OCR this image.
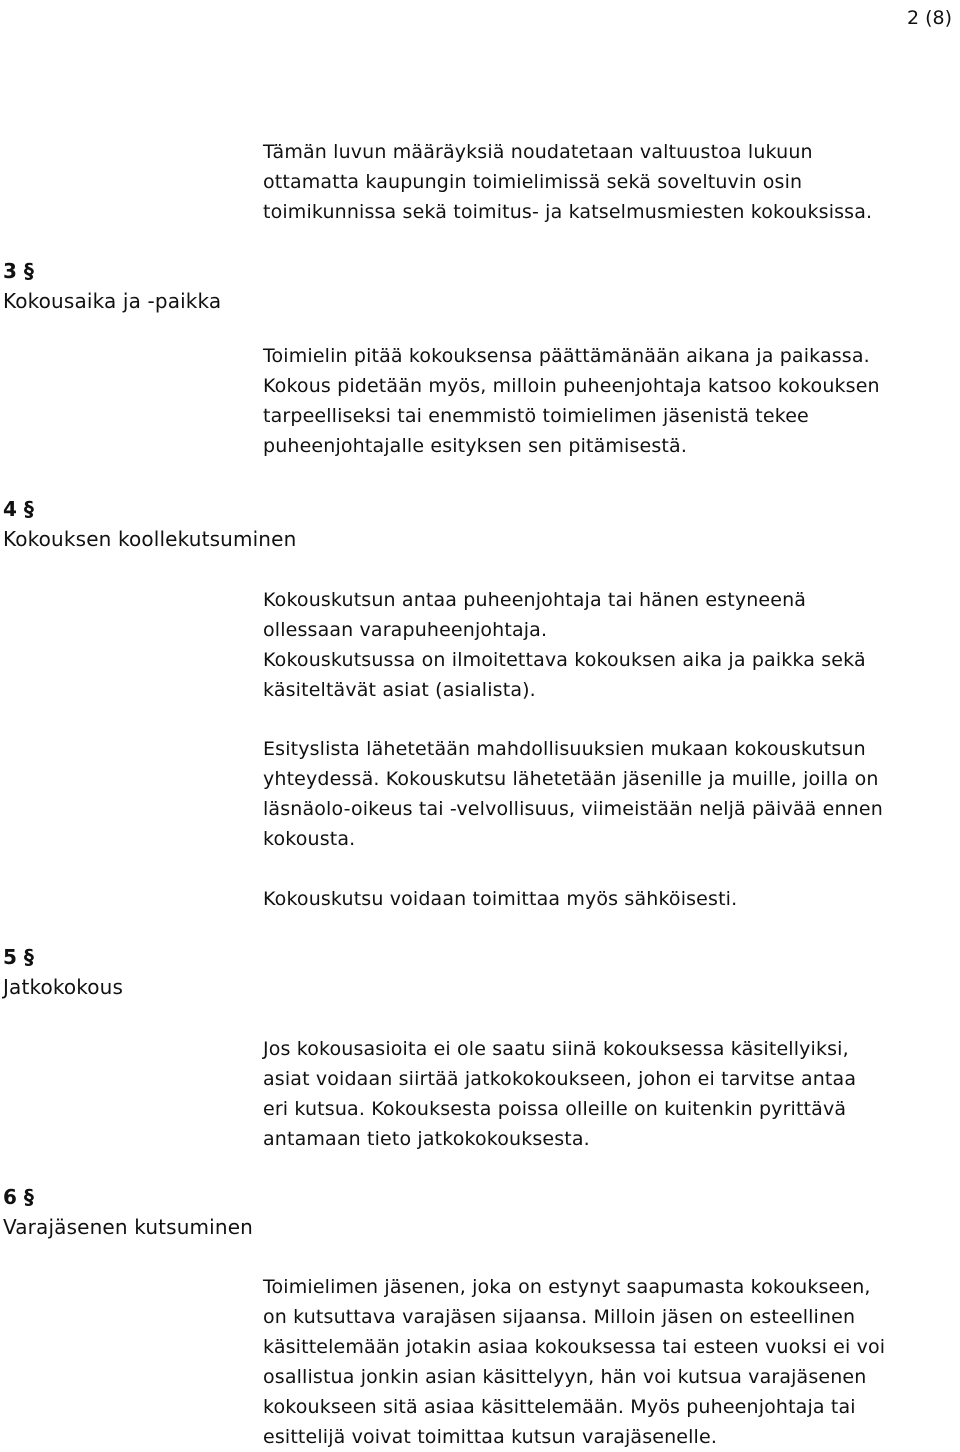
2 (8)

Tämän luvun määräyksiä noudatetaan valtuustoa lukuun
ottamatta kaupungin toimielimissä sekä soveltuvin osin
toimikunnissa sekä toimitus- ja katselmusmiesten kokouksissa.

3 §
Kokousaika ja -paikka

Toimielin pitää kokouksensa päättämänään aikana ja paikassa.
Kokous pidetään myös, milloin puheenjohtaja katsoo kokouksen
tarpeelliseksi tai enemmistö toimielimen jäsenistä tekee
puheenjohtajalle esityksen sen pitämisestä.

4 §
Kokouksen koollekutsuminen

Kokouskutsun antaa puheenjohtaja tai hänen estyneenä
ollessaan varapuheenjohtaja.
Kokouskutsussa on ilmoitettava kokouksen aika ja paikka sekä
käsiteltävät asiat (asialista).

Esityslista lähetetään mahdollisuuksien mukaan kokouskutsun
yhteydessä. Kokouskutsu lähetetään jäsenille ja muille, joilla on
läsnäolo-oikeus tai -velvollisuus, viimeistään neljä päivää ennen
kokousta.

Kokouskutsu voidaan toimittaa myös sähköisesti.

5 §
Jatkokokous

Jos kokousasioita ei ole saatu siinä kokouksessa käsitellyiksi,
asiat voidaan siirtää jatkokokoukseen, johon ei tarvitse antaa
eri kutsua. Kokouksesta poissa olleille on kuitenkin pyrittävä
antamaan tieto jatkokokouksesta.

6 §
Varajäsenen kutsuminen

Toimielimen jäsenen, joka on estynyt saapumasta kokoukseen,
on kutsuttava varajäsen sijaansa. Milloin jäsen on esteellinen
käsittelemään jotakin asiaa kokouksessa tai esteen vuoksi ei voi
osallistua jonkin asian käsittelyyn, hän voi kutsua varajäsenen
kokoukseen sitä asiaa käsittelemään. Myös puheenjohtaja tai
esittelijä voivat toimittaa kutsun varajäsenelle.
